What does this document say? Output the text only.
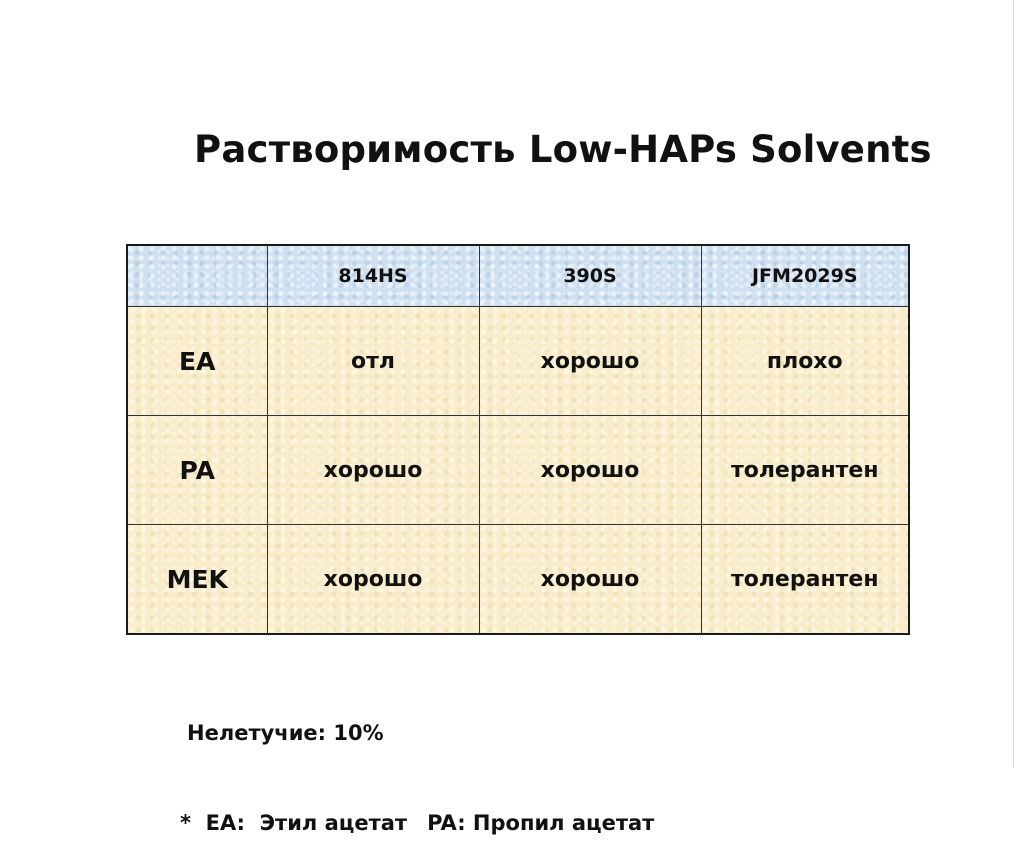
Растворимость Low-HAPs Solvents
	814HS	390S	JFM2029S
EA	отл	хорошо	плохо
PA	хорошо	хорошо	толерантен
MEK	хорошо	хорошо	толерантен

Нелетучие: 10%

*  EA:  Этил ацетат PA: Пропил ацетат
